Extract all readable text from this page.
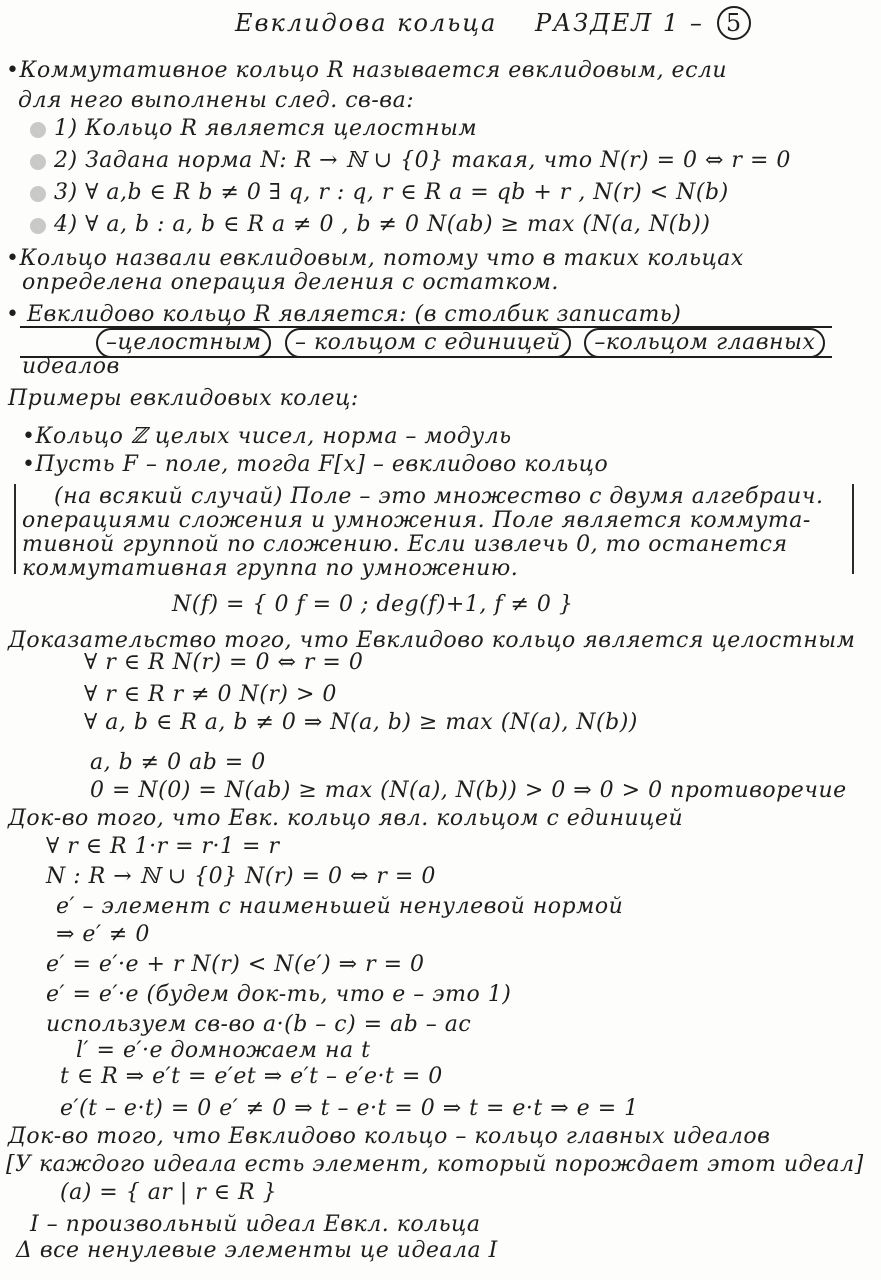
Евклидова кольца РАЗДЕЛ 1 – 5
•Коммутативное кольцо R называется евклидовым, если
для него выполнены след. св-ва:
1) Кольцо R является целостным
2) Задана норма N: R → ℕ ∪ {0} такая, что N(r) = 0 ⇔ r = 0
3) ∀ a,b ∈ R b ≠ 0 ∃ q, r : q, r ∈ R a = qb + r , N(r) < N(b)
4) ∀ a, b : a, b ∈ R a ≠ 0 , b ≠ 0 N(ab) ≥ max (N(a, N(b))
•Кольцо назвали евклидовым, потому что в таких кольцах
определена операция деления с остатком.
• Евклидово кольцо R является: (в столбик записать)
–целостным – кольцом с единицей –кольцом главных
идеалов
Примеры евклидовых колец:
•Кольцо ℤ целых чисел, норма – модуль
•Пусть F – поле, тогда F[x] – евклидово кольцо
(на всякий случай) Поле – это множество с двумя алгебраич.
операциями сложения и умножения. Поле является коммута-
тивной группой по сложению. Если извлечь 0, то останется
коммутативная группа по умножению.
N(f) = { 0 f = 0 ; deg(f)+1, f ≠ 0 }
Доказательство того, что Евклидово кольцо является целостным
∀ r ∈ R N(r) = 0 ⇔ r = 0
∀ r ∈ R r ≠ 0 N(r) > 0
∀ a, b ∈ R a, b ≠ 0 ⇒ N(a, b) ≥ max (N(a), N(b))
a, b ≠ 0 ab = 0
0 = N(0) = N(ab) ≥ max (N(a), N(b)) > 0 ⇒ 0 > 0 противоречие
Док-во того, что Евк. кольцо явл. кольцом с единицей
∀ r ∈ R 1·r = r·1 = r
N : R → ℕ ∪ {0} N(r) = 0 ⇔ r = 0
e′ – элемент с наименьшей ненулевой нормой
⇒ e′ ≠ 0
e′ = e′·e + r N(r) < N(e′) ⇒ r = 0
e′ = e′·e (будем док-ть, что e – это 1)
используем св-во a·(b – c) = ab – ac
l′ = e′·e домножаем на t
t ∈ R ⇒ e′t = e′et ⇒ e′t – e′e·t = 0
e′(t – e·t) = 0 e′ ≠ 0 ⇒ t – e·t = 0 ⇒ t = e·t ⇒ e = 1
Док-во того, что Евклидово кольцо – кольцо главных идеалов
[У каждого идеала есть элемент, который порождает этот идеал]
(a) = { ar | r ∈ R }
I – произвольный идеал Евкл. кольца
Δ все ненулевые элементы це идеала I
